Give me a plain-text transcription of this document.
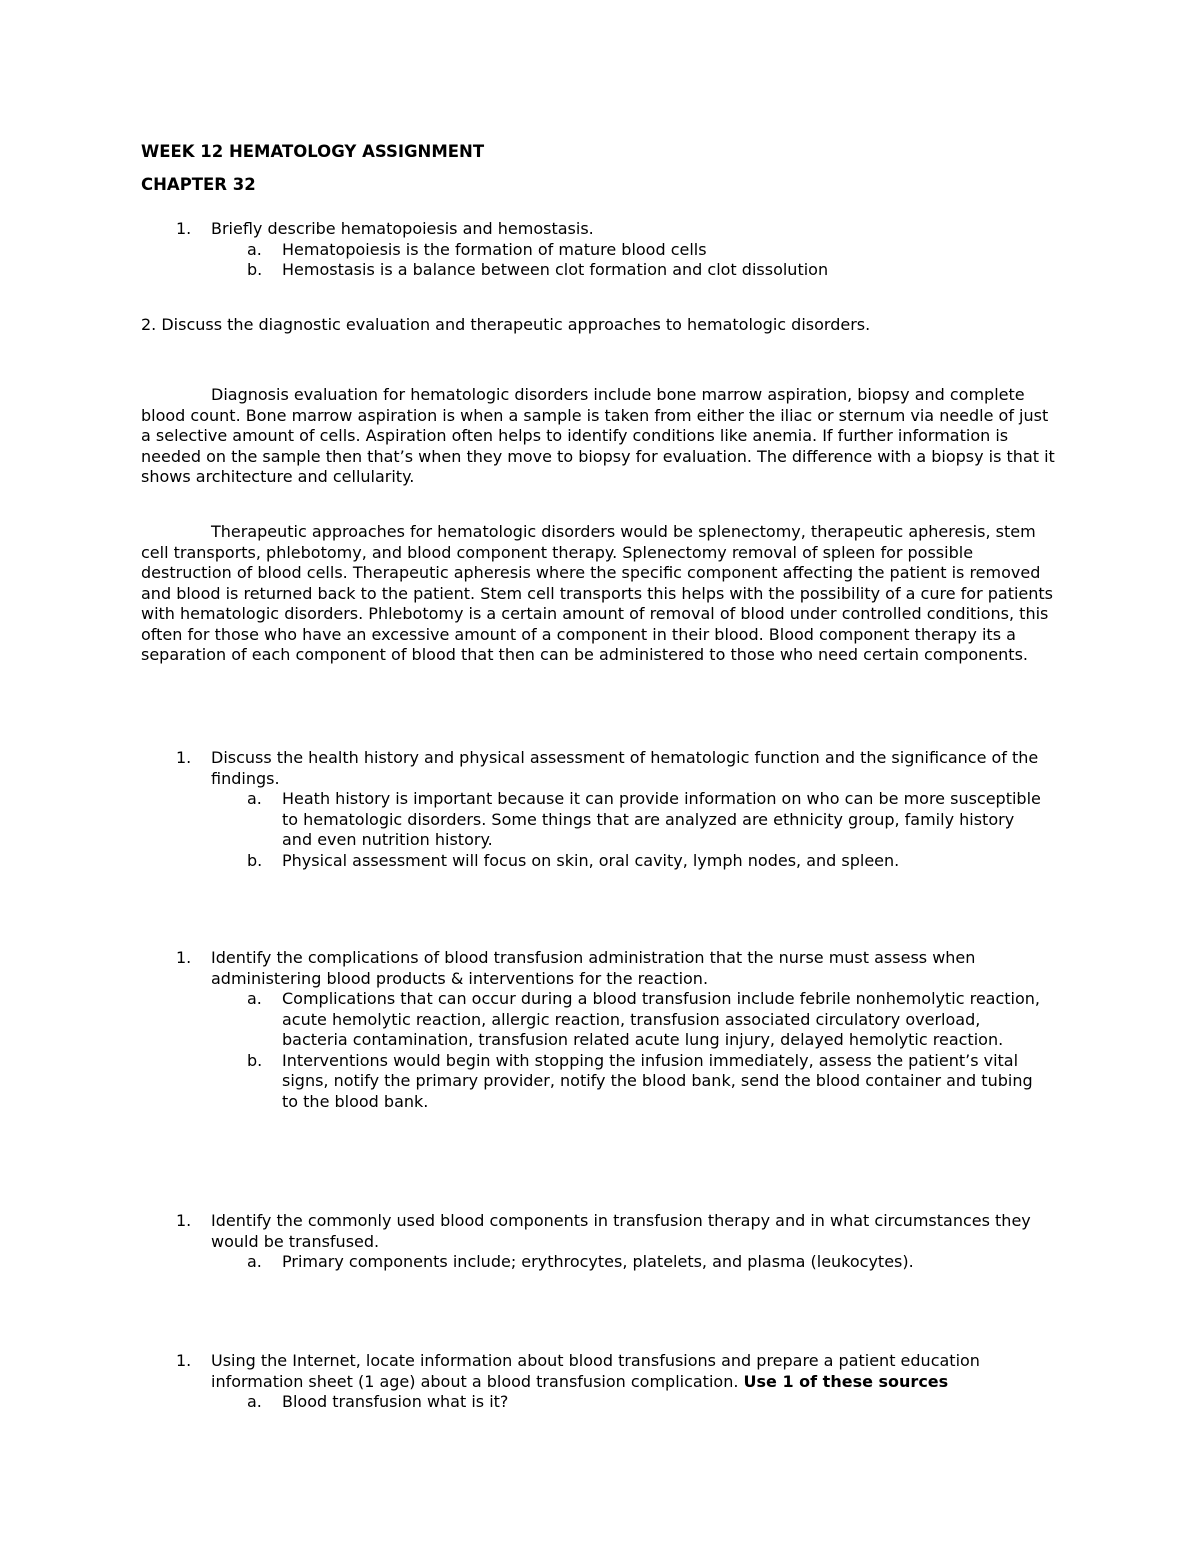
WEEK 12 HEMATOLOGY ASSIGNMENT
CHAPTER 32
1. Briefly describe hematopoiesis and hemostasis.
a. Hematopoiesis is the formation of mature blood cells
b. Hemostasis is a balance between clot formation and clot dissolution
2. Discuss the diagnostic evaluation and therapeutic approaches to hematologic disorders.

Diagnosis evaluation for hematologic disorders include bone marrow aspiration, biopsy and complete blood count. Bone marrow aspiration is when a sample is taken from either the iliac or sternum via needle of just a selective amount of cells. Aspiration often helps to identify conditions like anemia. If further information is needed on the sample then that’s when they move to biopsy for evaluation. The difference with a biopsy is that it shows architecture and cellularity.

Therapeutic approaches for hematologic disorders would be splenectomy, therapeutic apheresis, stem cell transports, phlebotomy, and blood component therapy. Splenectomy removal of spleen for possible destruction of blood cells. Therapeutic apheresis where the specific component affecting the patient is removed and blood is returned back to the patient. Stem cell transports this helps with the possibility of a cure for patients with hematologic disorders. Phlebotomy is a certain amount of removal of blood under controlled conditions, this often for those who have an excessive amount of a component in their blood. Blood component therapy its a separation of each component of blood that then can be administered to those who need certain components.

1. Discuss the health history and physical assessment of hematologic function and the significance of the findings.
a. Heath history is important because it can provide information on who can be more susceptible to hematologic disorders. Some things that are analyzed are ethnicity group, family history and even nutrition history.
b. Physical assessment will focus on skin, oral cavity, lymph nodes, and spleen.
1. Identify the complications of blood transfusion administration that the nurse must assess when administering blood products & interventions for the reaction.
a. Complications that can occur during a blood transfusion include febrile nonhemolytic reaction, acute hemolytic reaction, allergic reaction, transfusion associated circulatory overload, bacteria contamination, transfusion related acute lung injury, delayed hemolytic reaction.
b. Interventions would begin with stopping the infusion immediately, assess the patient’s vital signs, notify the primary provider, notify the blood bank, send the blood container and tubing to the blood bank.
1. Identify the commonly used blood components in transfusion therapy and in what circumstances they would be transfused.
a. Primary components include; erythrocytes, platelets, and plasma (leukocytes).
1. Using the Internet, locate information about blood transfusions and prepare a patient education information sheet (1 age) about a blood transfusion complication. Use 1 of these sources
a. Blood transfusion what is it?
